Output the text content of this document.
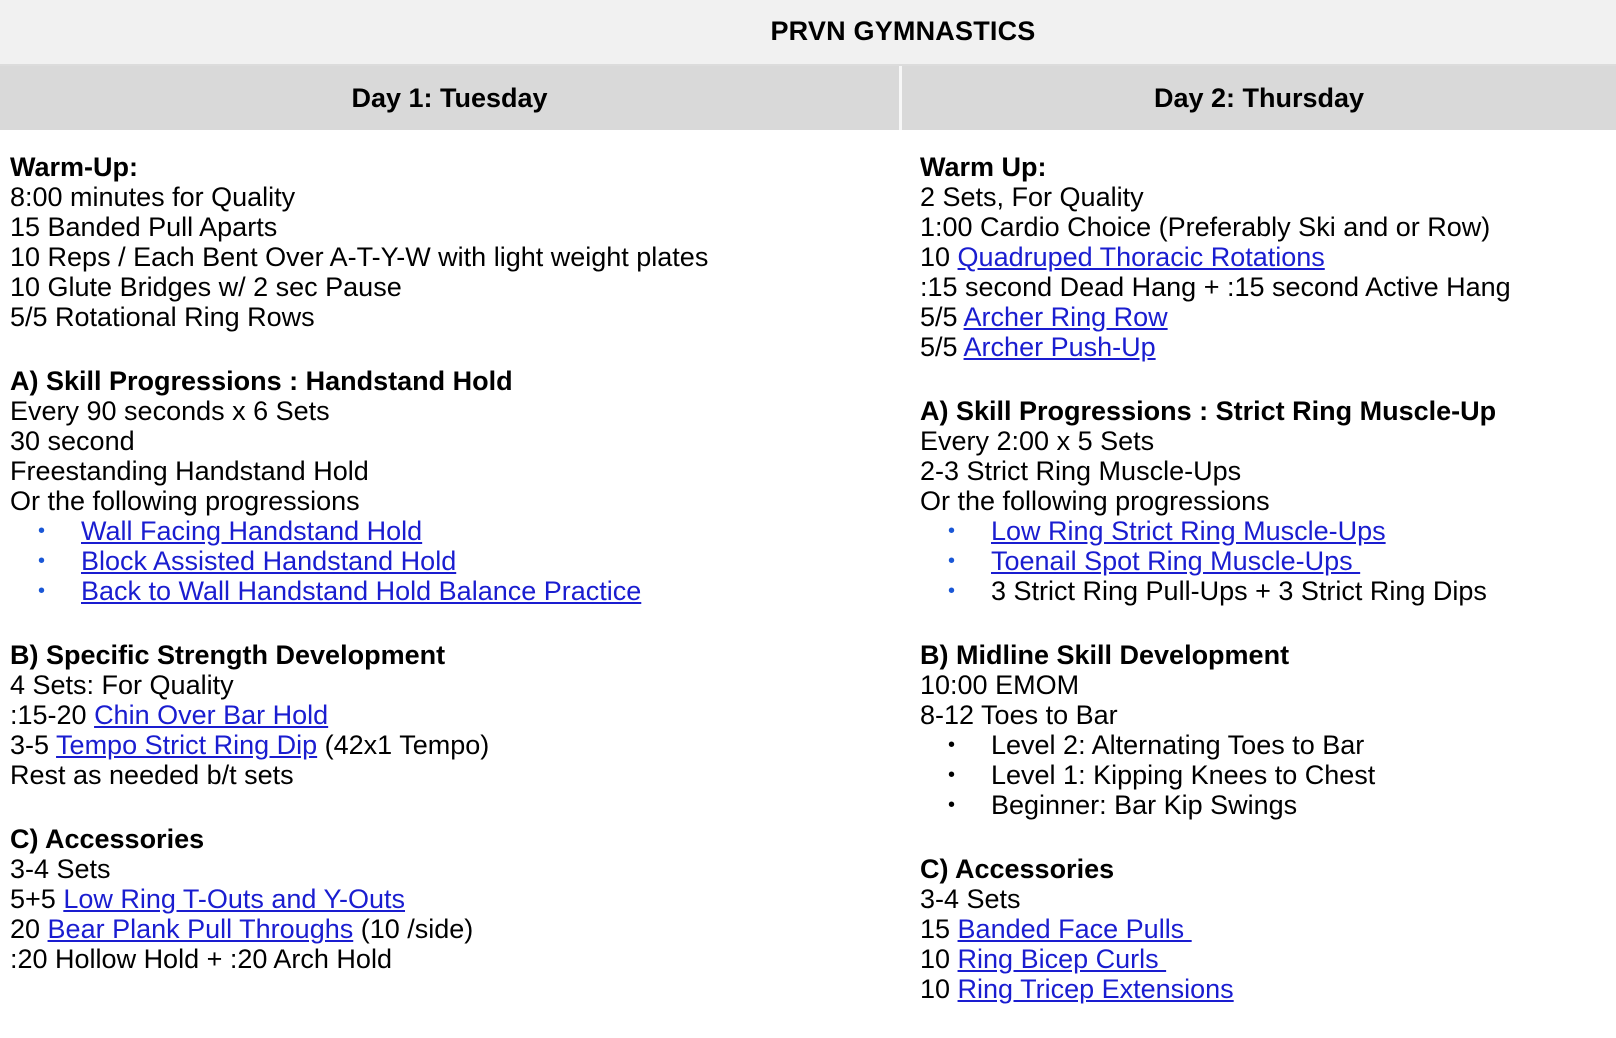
PRVN GYMNASTICS
Day 1: Tuesday	Day 2: Thursday
Warm-Up:
8:00 minutes for Quality
15 Banded Pull Aparts
10 Reps / Each Bent Over A-T-Y-W with light weight plates
10 Glute Bridges w/ 2 sec Pause
5/5 Rotational Ring Rows
A) Skill Progressions : Handstand Hold
Every 90 seconds x 6 Sets
30 second
Freestanding Handstand Hold
Or the following progressions
• Wall Facing Handstand Hold
• Block Assisted Handstand Hold
• Back to Wall Handstand Hold Balance Practice
B) Specific Strength Development
4 Sets: For Quality
:15-20 Chin Over Bar Hold
3-5 Tempo Strict Ring Dip (42x1 Tempo)
Rest as needed b/t sets
C) Accessories
3-4 Sets
5+5 Low Ring T-Outs and Y-Outs
20 Bear Plank Pull Throughs (10 /side)
:20 Hollow Hold + :20 Arch Hold
Warm Up:
2 Sets, For Quality
1:00 Cardio Choice (Preferably Ski and or Row)
10 Quadruped Thoracic Rotations
:15 second Dead Hang + :15 second Active Hang
5/5 Archer Ring Row
5/5 Archer Push-Up
A) Skill Progressions : Strict Ring Muscle-Up
Every 2:00 x 5 Sets
2-3 Strict Ring Muscle-Ups
Or the following progressions
• Low Ring Strict Ring Muscle-Ups
• Toenail Spot Ring Muscle-Ups
• 3 Strict Ring Pull-Ups + 3 Strict Ring Dips
B) Midline Skill Development
10:00 EMOM
8-12 Toes to Bar
• Level 2: Alternating Toes to Bar
• Level 1: Kipping Knees to Chest
• Beginner: Bar Kip Swings
C) Accessories
3-4 Sets
15 Banded Face Pulls
10 Ring Bicep Curls
10 Ring Tricep Extensions
